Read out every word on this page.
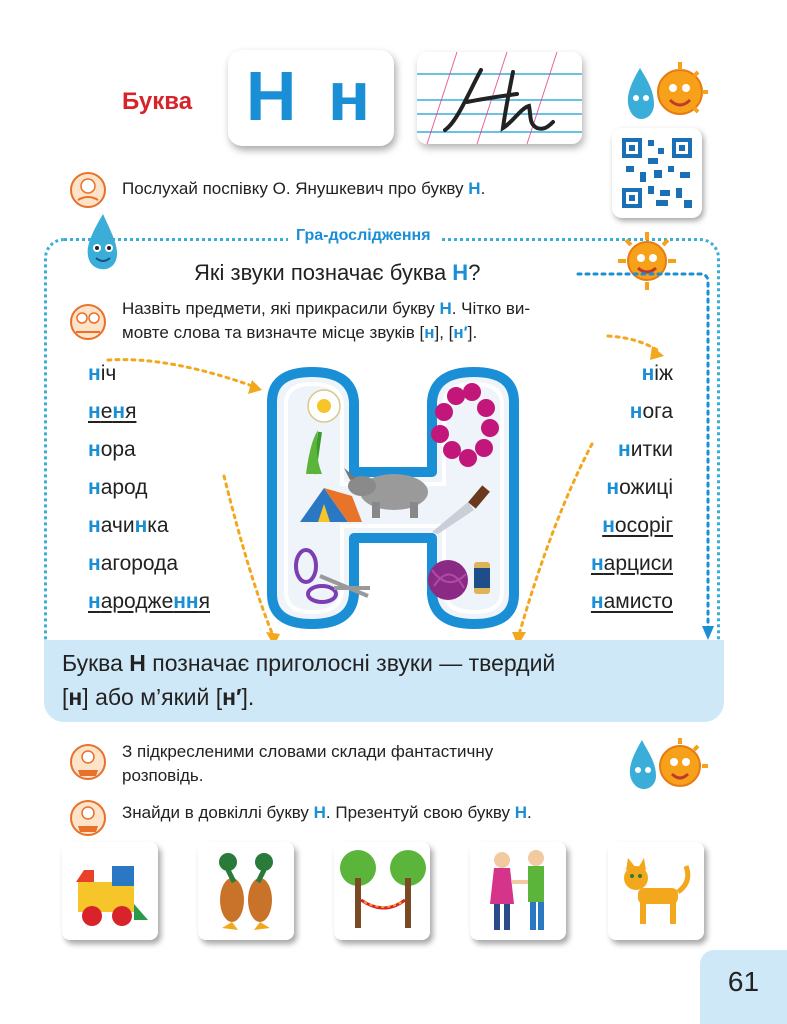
Буква Н н
Послухай поспівку О. Янушкевич про букву Н.
Гра-дослідження
Які звуки позначає буква Н?
Назвіть предмети, які прикрасили букву Н. Чітко ви-
мовте слова та визначте місце звуків [н], [н′].
ніч
неня
нора
народ
начинка
нагорода
народжeння
ніж
нога
нитки
ножиці
носоріг
нарциси
намисто
Буква Н позначає приголосні звуки — твердий
[н] або м’який [н′].
З підкресленими словами склади фантастичну
розповідь.
Знайди в довкіллі букву Н. Презентуй свою букву Н.
61
